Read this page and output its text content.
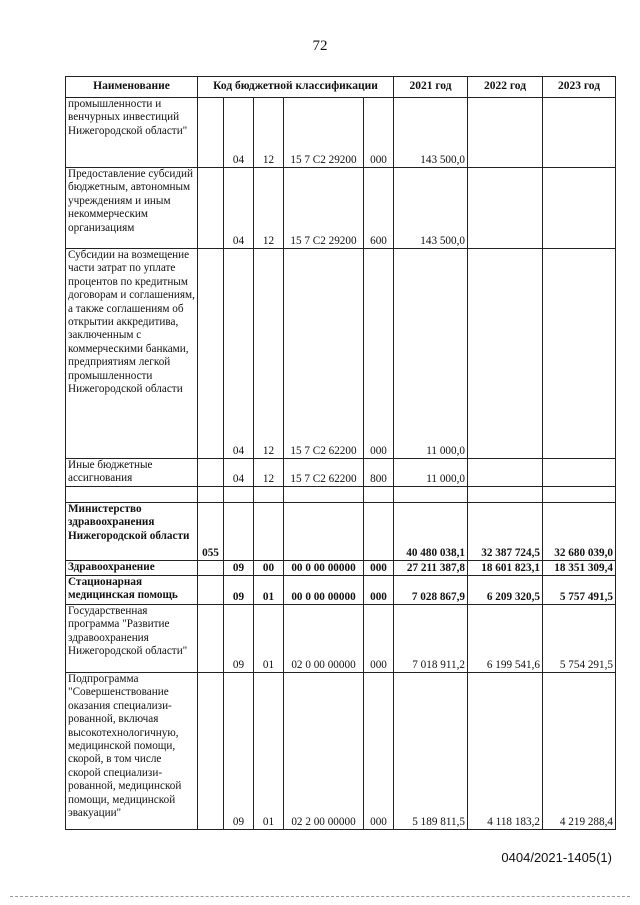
72
Наименование	Код бюджетной классификации					2021 год	2022 год	2023 год
промышленности и венчурных инвестиций Нижегородской области"		04	12	15 7 С2 29200	000	143 500,0		
Предоставление субсидий бюджетным, автономным учреждениям и иным некоммерческим организациям		04	12	15 7 С2 29200	600	143 500,0		
Субсидии на возмещение части затрат по уплате процентов по кредитным договорам и соглашениям, а также соглашениям об открытии аккредитива, заключенным с коммерческими банками, предприятиям легкой промышленности Нижегородской области		04	12	15 7 С2 62200	000	11 000,0		
Иные бюджетные ассигнования		04	12	15 7 С2 62200	800	11 000,0		

Министерство здравоохранения Нижегородской области	055					40 480 038,1	32 387 724,5	32 680 039,0
Здравоохранение		09	00	00 0 00 00000	000	27 211 387,8	18 601 823,1	18 351 309,4
Стационарная медицинская помощь		09	01	00 0 00 00000	000	7 028 867,9	6 209 320,5	5 757 491,5
Государственная программа "Развитие здравоохранения Нижегородской области"		09	01	02 0 00 00000	000	7 018 911,2	6 199 541,6	5 754 291,5
Подпрограмма "Совершенствование оказания специализи-рованной, включая высокотехнологичную, медицинской помощи, скорой, в том числе скорой специализи-рованной, медицинской помощи, медицинской эвакуации"		09	01	02 2 00 00000	000	5 189 811,5	4 118 183,2	4 219 288,4
0404/2021-1405(1)
